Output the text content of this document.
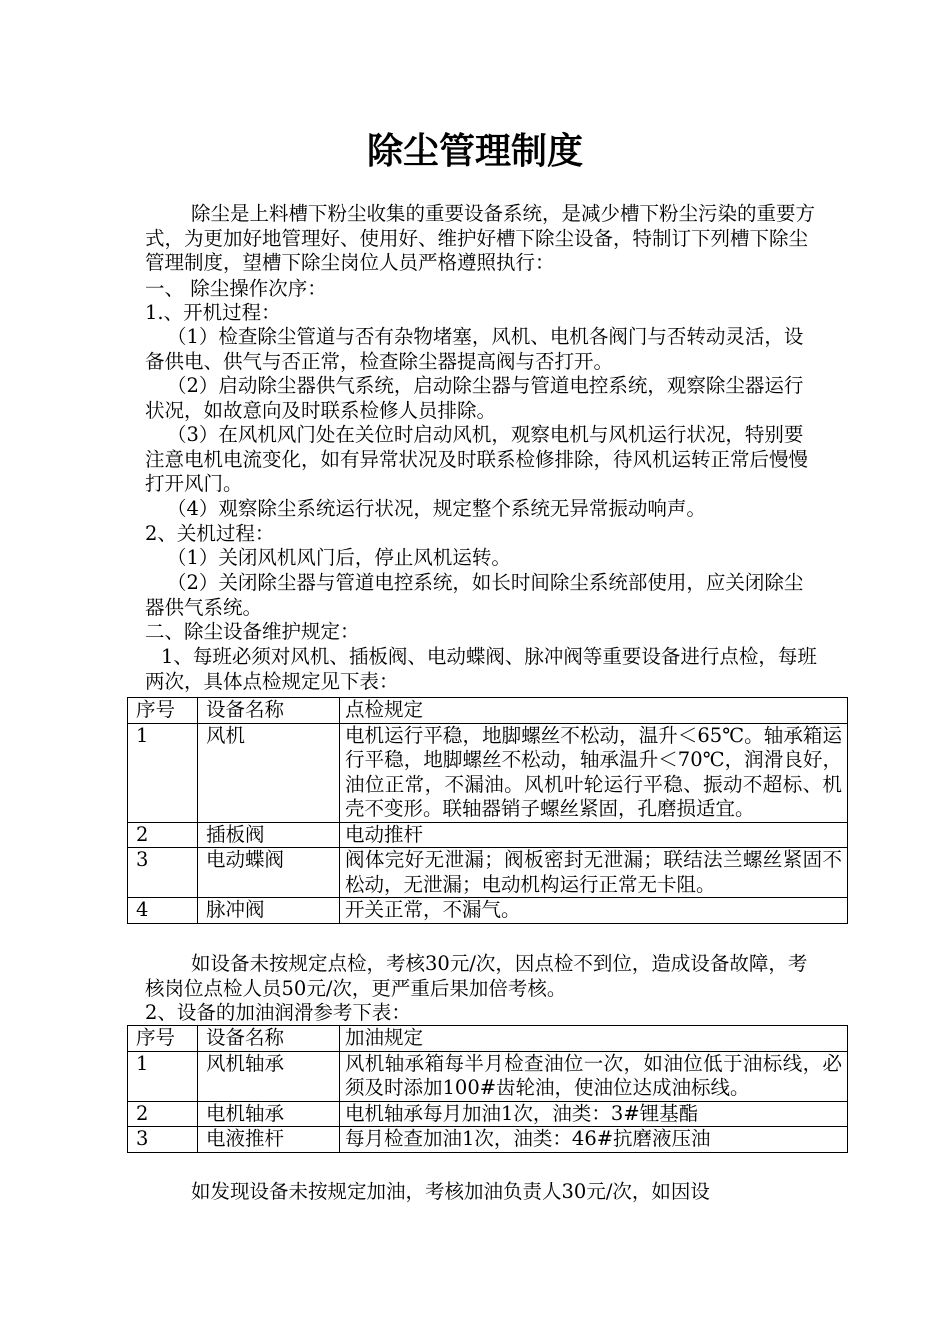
除尘管理制度

除尘是上料槽下粉尘收集的重要设备系统，是减少槽下粉尘污染的重要方式，为更加好地管理好、使用好、维护好槽下除尘设备，特制订下列槽下除尘管理制度，望槽下除尘岗位人员严格遵照执行：

一、 除尘操作次序：

1.、开机过程：

（1）检查除尘管道与否有杂物堵塞，风机、电机各阀门与否转动灵活，设备供电、供气与否正常，检查除尘器提高阀与否打开。

（2）启动除尘器供气系统，启动除尘器与管道电控系统，观察除尘器运行状况，如故意向及时联系检修人员排除。

（3）在风机风门处在关位时启动风机，观察电机与风机运行状况，特别要注意电机电流变化，如有异常状况及时联系检修排除，待风机运转正常后慢慢打开风门。

（4）观察除尘系统运行状况，规定整个系统无异常振动响声。

2、关机过程：

（1）关闭风机风门后，停止风机运转。

（2）关闭除尘器与管道电控系统，如长时间除尘系统部使用，应关闭除尘器供气系统。

二、除尘设备维护规定：

1、每班必须对风机、插板阀、电动蝶阀、脉冲阀等重要设备进行点检，每班两次，具体点检规定见下表：

序号	设备名称	点检规定
1	风机	电机运行平稳，地脚螺丝不松动，温升＜65℃。轴承箱运行平稳，地脚螺丝不松动，轴承温升＜70℃，润滑良好，油位正常，不漏油。风机叶轮运行平稳、振动不超标、机壳不变形。联轴器销子螺丝紧固，孔磨损适宜。
2	插板阀	电动推杆
3	电动蝶阀	阀体完好无泄漏；阀板密封无泄漏；联结法兰螺丝紧固不松动，无泄漏；电动机构运行正常无卡阻。
4	脉冲阀	开关正常，不漏气。

如设备未按规定点检，考核30元/次，因点检不到位，造成设备故障，考核岗位点检人员50元/次，更严重后果加倍考核。

2、设备的加油润滑参考下表：

序号	设备名称	加油规定
1	风机轴承	风机轴承箱每半月检查油位一次，如油位低于油标线，必须及时添加100#齿轮油，使油位达成油标线。
2	电机轴承	电机轴承每月加油1次，油类：3#锂基酯
3	电液推杆	每月检查加油1次，油类：46#抗磨液压油

如发现设备未按规定加油，考核加油负责人30元/次，如因设
